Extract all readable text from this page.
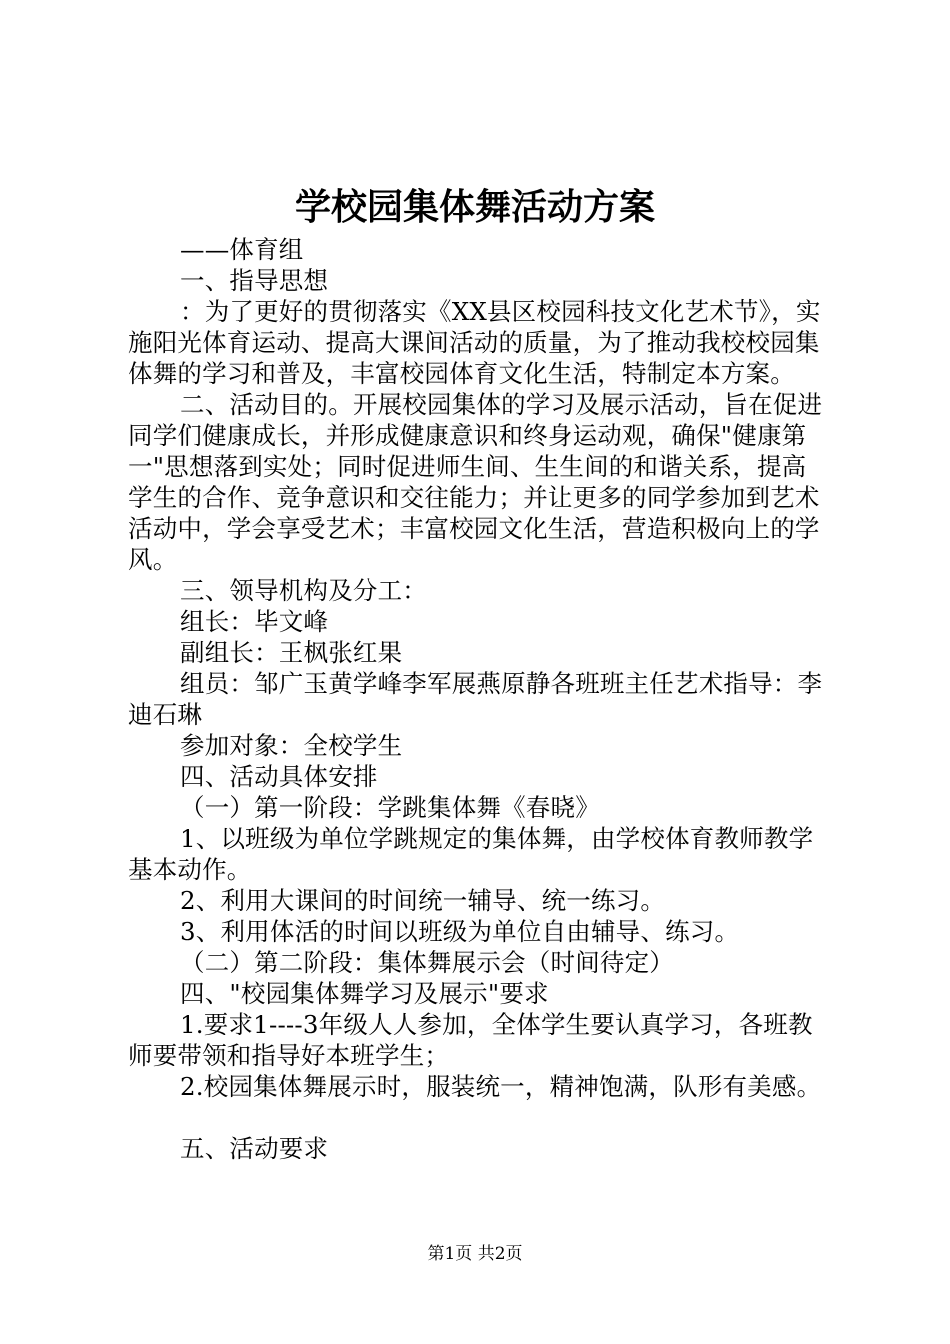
学校园集体舞活动方案

——体育组

一、指导思想

：为了更好的贯彻落实《XX县区校园科技文化艺术节》，实施阳光体育运动、提高大课间活动的质量，为了推动我校校园集体舞的学习和普及，丰富校园体育文化生活，特制定本方案。

二、活动目的。开展校园集体的学习及展示活动，旨在促进同学们健康成长，并形成健康意识和终身运动观，确保"健康第一"思想落到实处；同时促进师生间、生生间的和谐关系，提高学生的合作、竞争意识和交往能力；并让更多的同学参加到艺术活动中，学会享受艺术；丰富校园文化生活，营造积极向上的学风。

三、领导机构及分工：

组长：毕文峰

副组长：王枫张红果

组员：邹广玉黄学峰李军展燕原静各班班主任艺术指导：李迪石琳

参加对象：全校学生

四、活动具体安排

（一）第一阶段：学跳集体舞《春晓》

1、以班级为单位学跳规定的集体舞，由学校体育教师教学基本动作。

2、利用大课间的时间统一辅导、统一练习。

3、利用体活的时间以班级为单位自由辅导、练习。

（二）第二阶段：集体舞展示会（时间待定）

四、"校园集体舞学习及展示"要求

1.要求1----3年级人人参加，全体学生要认真学习，各班教师要带领和指导好本班学生；

2.校园集体舞展示时，服装统一，精神饱满，队形有美感。

五、活动要求

第1页 共2页
